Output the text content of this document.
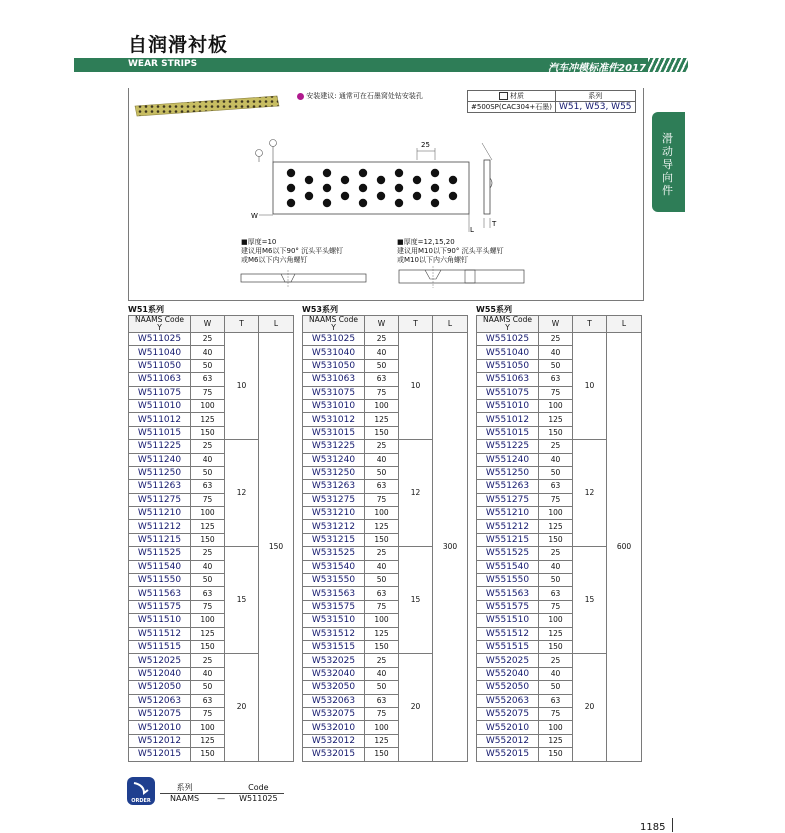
自润滑衬板
WEAR STRIPS	汽车冲模标准件2017
滑动导向件
安装建议: 通常可在石墨窝处钻安装孔	材质	系列
#500SP(CAC304+石墨)	W51, W53, W55
25
W
L
T
■厚度=10
建议用M6以下90° 沉头平头螺钉
或M6以下内六角螺钉
■厚度=12,15,20
建议用M10以下90° 沉头平头螺钉
或M10以下内六角螺钉
W51系列
NAAMS Code
Y	W	T	L
W511025	25	10	150
W511040	40		
W511050	50		
W511063	63		
W511075	75		
W511010	100		
W511012	125		
W511015	150		
W511225	25	12	
W511240	40		
W511250	50		
W511263	63		
W511275	75		
W511210	100		
W511212	125		
W511215	150		
W511525	25	15	
W511540	40		
W511550	50		
W511563	63		
W511575	75		
W511510	100		
W511512	125		
W511515	150		
W512025	25	20	
W512040	40		
W512050	50		
W512063	63		
W512075	75		
W512010	100		
W512012	125		
W512015	150		
W53系列
NAAMS Code
Y	W	T	L
W531025	25	10	300
W531040	40		
W531050	50		
W531063	63		
W531075	75		
W531010	100		
W531012	125		
W531015	150		
W531225	25	12	
W531240	40		
W531250	50		
W531263	63		
W531275	75		
W531210	100		
W531212	125		
W531215	150		
W531525	25	15	
W531540	40		
W531550	50		
W531563	63		
W531575	75		
W531510	100		
W531512	125		
W531515	150		
W532025	25	20	
W532040	40		
W532050	50		
W532063	63		
W532075	75		
W532010	100		
W532012	125		
W532015	150		
W55系列
NAAMS Code
Y	W	T	L
W551025	25	10	600
W551040	40		
W551050	50		
W551063	63		
W551075	75		
W551010	100		
W551012	125		
W551015	150		
W551225	25	12	
W551240	40		
W551250	50		
W551263	63		
W551275	75		
W551210	100		
W551212	125		
W551215	150		
W551525	25	15	
W551540	40		
W551550	50		
W551563	63		
W551575	75		
W551510	100		
W551512	125		
W551515	150		
W552025	25	20	
W552040	40		
W552050	50		
W552063	63		
W552075	75		
W552010	100		
W552012	125		
W552015	150		
ORDER
系列		Code
NAAMS	—	W511025
1185
